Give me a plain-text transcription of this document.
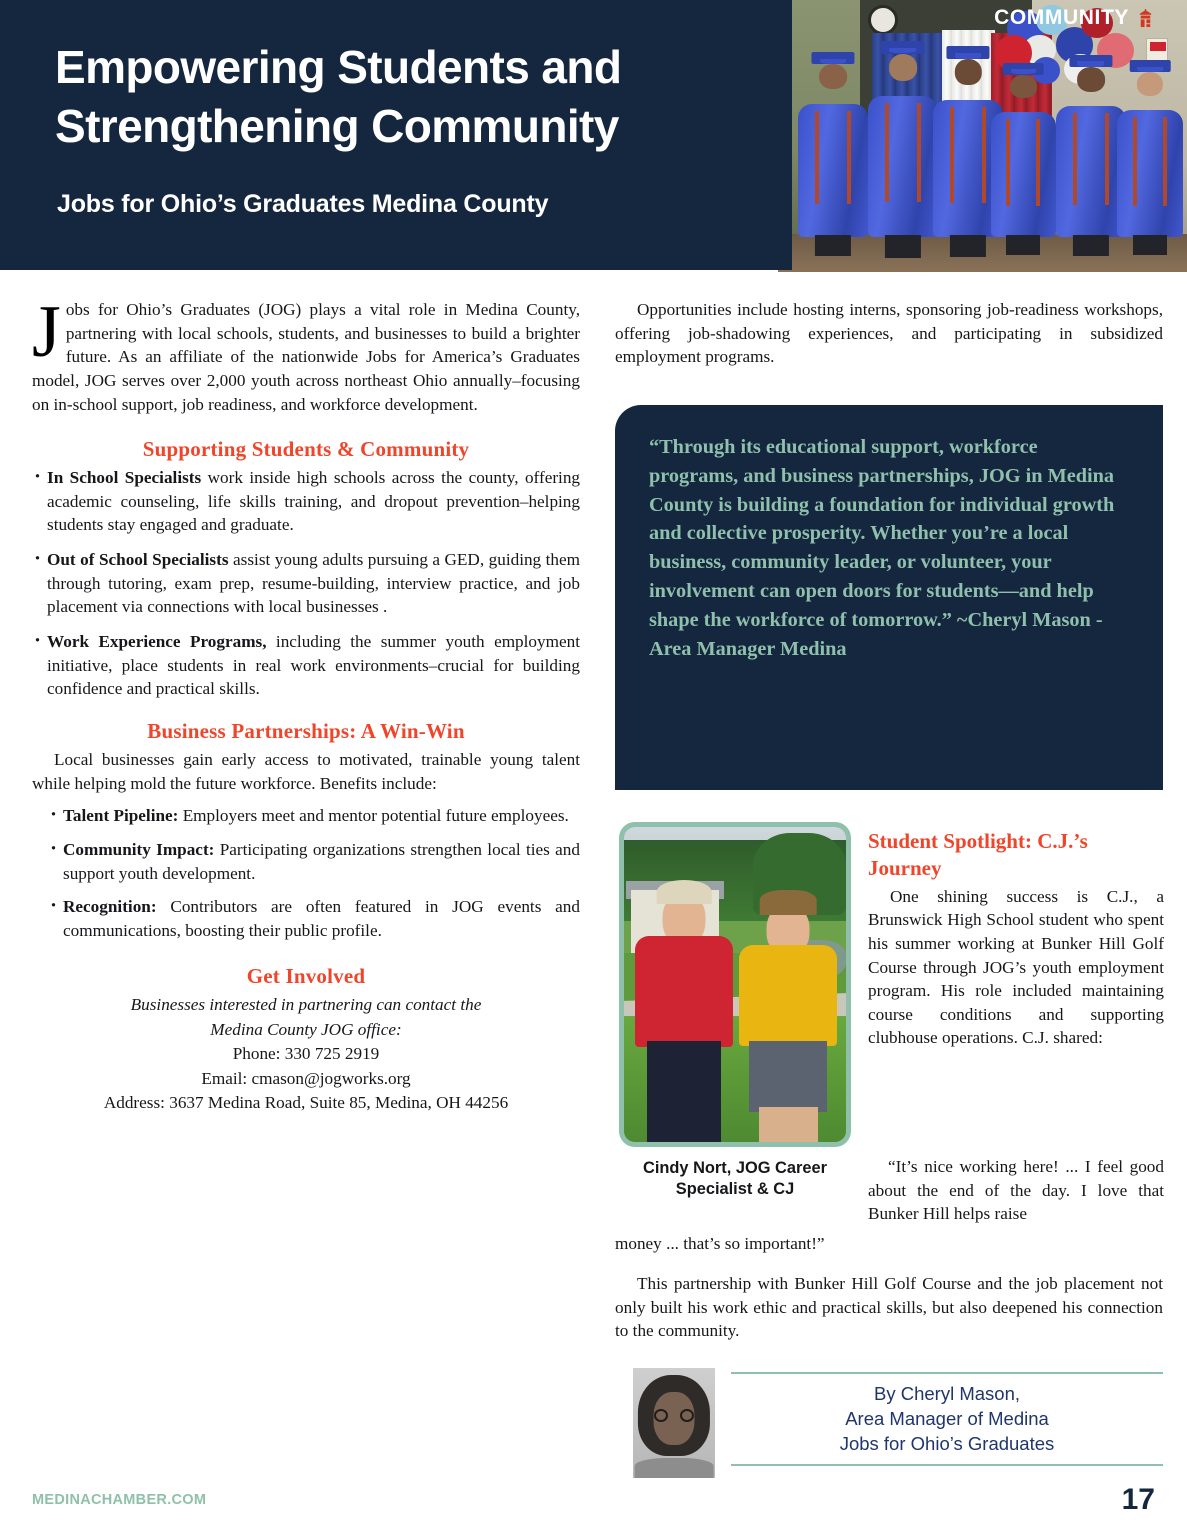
COMMUNITY
Empowering Students and Strengthening Community
Jobs for Ohio’s Graduates Medina County

Jobs for Ohio’s Graduates (JOG) plays a vital role in Medina County, partnering with local schools, students, and businesses to build a brighter future. As an affiliate of the nationwide Jobs for America’s Graduates model, JOG serves over 2,000 youth across northeast Ohio annually–focusing on in-school support, job readiness, and workforce development.

Supporting Students & Community
· In School Specialists work inside high schools across the county, offering academic counseling, life skills training, and dropout prevention–helping students stay engaged and graduate.
· Out of School Specialists assist young adults pursuing a GED, guiding them through tutoring, exam prep, resume-building, interview practice, and job placement via connections with local businesses .
· Work Experience Programs, including the summer youth employment initiative, place students in real work environments–crucial for building confidence and practical skills.
Business Partnerships: A Win-Win

Local businesses gain early access to motivated, trainable young talent while helping mold the future workforce. Benefits include:

· Talent Pipeline: Employers meet and mentor potential future employees.
· Community Impact: Participating organizations strengthen local ties and support youth development.
· Recognition: Contributors are often featured in JOG events and communications, boosting their public profile.
Get Involved
Businesses interested in partnering can contact the Medina County JOG office:
Phone: 330 725 2919
Email: cmason@jogworks.org
Address: 3637 Medina Road, Suite 85, Medina, OH 44256

Opportunities include hosting interns, sponsoring job-readiness workshops, offering job-shadowing experiences, and participating in subsidized employment programs.

“Through its educational support, workforce programs, and business partnerships, JOG in Medina County is building a foundation for individual growth and collective prosperity. Whether you’re a local business, community leader, or volunteer, your involvement can open doors for students—and help shape the workforce of tomorrow.” ~Cheryl Mason -Area Manager Medina

Cindy Nort, JOG Career Specialist & CJ
Student Spotlight: C.J.’s Journey

One shining success is C.J., a Brunswick High School student who spent his summer working at Bunker Hill Golf Course through JOG’s youth employment program. His role included maintaining course conditions and supporting clubhouse operations. C.J. shared:

“It’s nice working here! ... I feel good about the end of the day. I love that Bunker Hill helps raise
money ... that’s so important!”
This partnership with Bunker Hill Golf Course and the job placement not only built his work ethic and practical skills, but also deepened his connection to the community.
By Cheryl Mason,
Area Manager of Medina
Jobs for Ohio’s Graduates
MEDINACHAMBER.COM	17
